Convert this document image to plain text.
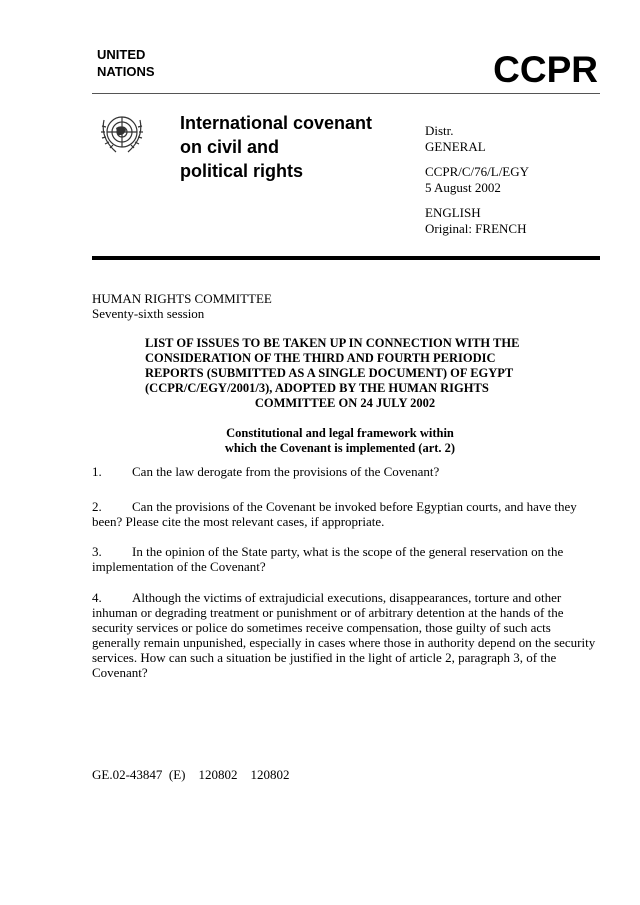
UNITED
NATIONS	CCPR
International covenant
on civil and
political rights
Distr.
GENERAL
CCPR/C/76/L/EGY
5 August 2002
ENGLISH
Original: FRENCH
HUMAN RIGHTS COMMITTEE
Seventy-sixth session
LIST OF ISSUES TO BE TAKEN UP IN CONNECTION WITH THE
CONSIDERATION OF THE THIRD AND FOURTH PERIODIC
REPORTS (SUBMITTED AS A SINGLE DOCUMENT) OF EGYPT
(CCPR/C/EGY/2001/3), ADOPTED BY THE HUMAN RIGHTS
COMMITTEE ON 24 JULY 2002
Constitutional and legal framework within
which the Covenant is implemented (art. 2)
1. Can the law derogate from the provisions of the Covenant?
2. Can the provisions of the Covenant be invoked before Egyptian courts, and have they
been? Please cite the most relevant cases, if appropriate.
3. In the opinion of the State party, what is the scope of the general reservation on the
implementation of the Covenant?
4. Although the victims of extrajudicial executions, disappearances, torture and other
inhuman or degrading treatment or punishment or of arbitrary detention at the hands of the
security services or police do sometimes receive compensation, those guilty of such acts
generally remain unpunished, especially in cases where those in authority depend on the security
services. How can such a situation be justified in the light of article 2, paragraph 3, of the
Covenant?
GE.02-43847  (E)    120802    120802
